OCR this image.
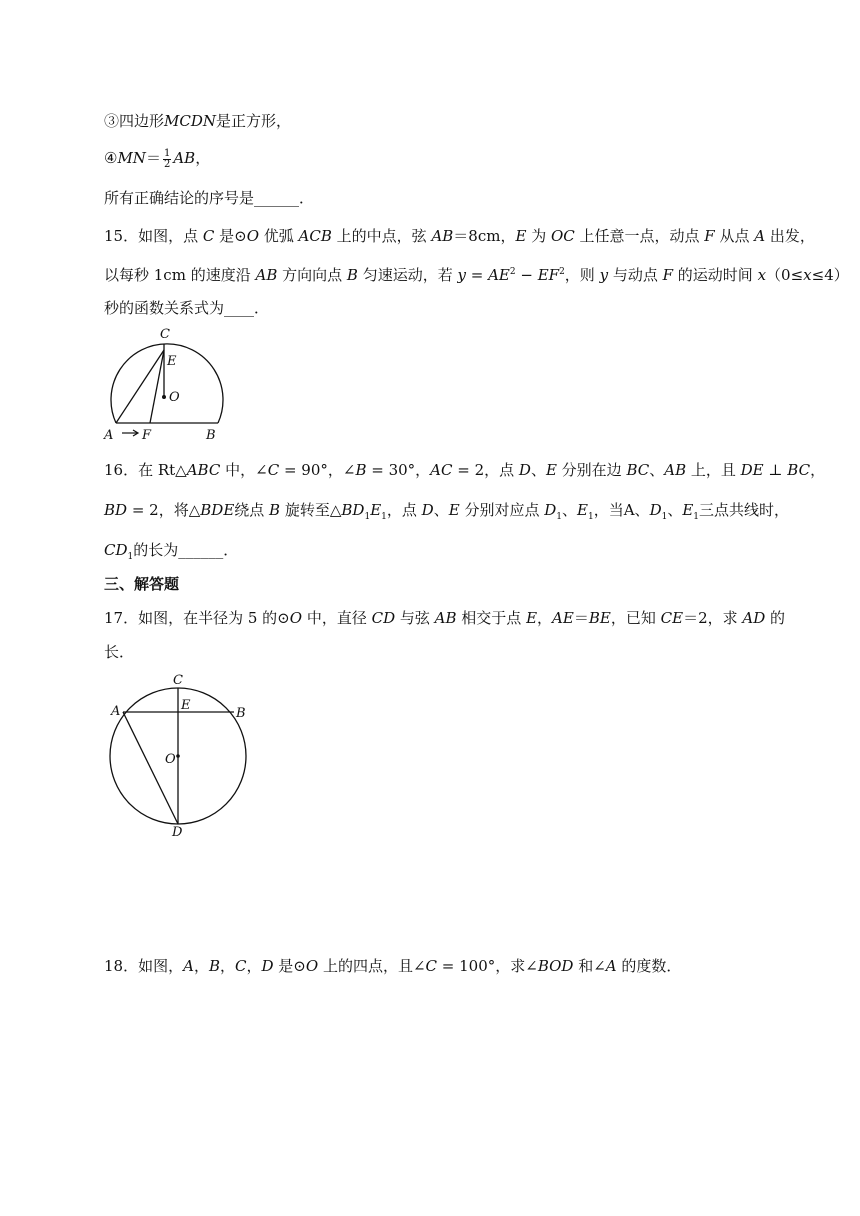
③四边形MCDN是正方形，
④MN＝ $\frac{1}{2}$ AB，
所有正确结论的序号是______．
15．如图，点 C 是⊙O 优弧 ACB 上的中点，弦 AB＝8cm，E 为 OC 上任意一点，动点 F 从点 A 出发，
以每秒 1cm 的速度沿 AB 方向向点 B 匀速运动，若 $y = AE^2 - EF^2$，则 y 与动点 F 的运动时间 x（0≤x≤4）
秒的函数关系式为____．
C
E
O
A F	B
16．在 Rt△ABC 中，∠C = 90°，∠B = 30°，AC = 2，点 D、E 分别在边 BC、AB 上，且 DE ⊥ BC，
BD = 2，将△BDE绕点 B 旋转至$\triangle BD_1E_1$，点 D、E 分别对应点 $D_1$、$E_1$，当A、$D_1$、$E_1$三点共线时，
$CD_1$的长为______．
三、解答题
17．如图，在半径为 5 的⊙O 中，直径 CD 与弦 AB 相交于点 E，AE＝BE，已知 CE＝2，求 AD 的
长．
C
A	E
B
O
D
18．如图，A，B，C，D 是⊙O 上的四点，且∠C = 100°，求∠BOD 和∠A 的度数．
